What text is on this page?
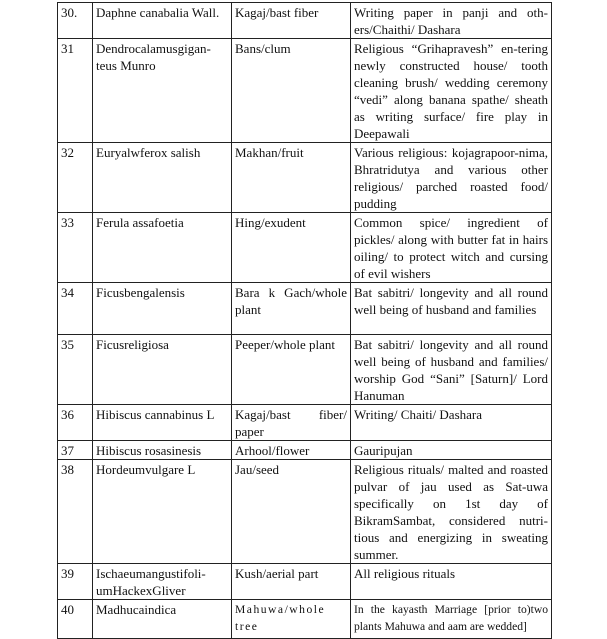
30.	Daphne canabalia Wall.	Kagaj/bast fiber	Writing paper in panji and oth-ers/Chaithi/ Dashara
31	Dendrocalamusgigan-teus Munro	Bans/clum	Religious “Grihapravesh” en-tering newly constructed house/ tooth cleaning brush/ wedding ceremony “vedi” along banana spathe/ sheath as writing surface/ fire play in Deepawali
32	Euryalwferox salish	Makhan/fruit	Various religious: kojagrapoor-nima, Bhratridutya and various other religious/ parched roasted food/ pudding
33	Ferula assafoetia	Hing/exudent	Common spice/ ingredient of pickles/ along with butter fat in hairs oiling/ to protect witch and cursing of evil wishers
34	Ficusbengalensis	Bara k Gach/whole plant	Bat sabitri/ longevity and all round well being of husband and families
35	Ficusreligiosa	Peeper/whole plant	Bat sabitri/ longevity and all round well being of husband and families/ worship God “Sani” [Saturn]/ Lord Hanuman
36	Hibiscus cannabinus L	Kagaj/bast fiber/ paper	Writing/ Chaiti/ Dashara
37	Hibiscus rosasinesis	Arhool/flower	Gauripujan
38	Hordeumvulgare L	Jau/seed	Religious rituals/ malted and roasted pulvar of jau used as Sat-uwa specifically on 1st day of BikramSambat, considered nutri-tious and energizing in sweating summer.
39	Ischaeumangustifoli-umHackexGliver	Kush/aerial part	All religious rituals
40	Madhucaindica	Mahuwa/whole tree	In the kayasth Marriage [prior to)two plants Mahuwa and aam are wedded]
